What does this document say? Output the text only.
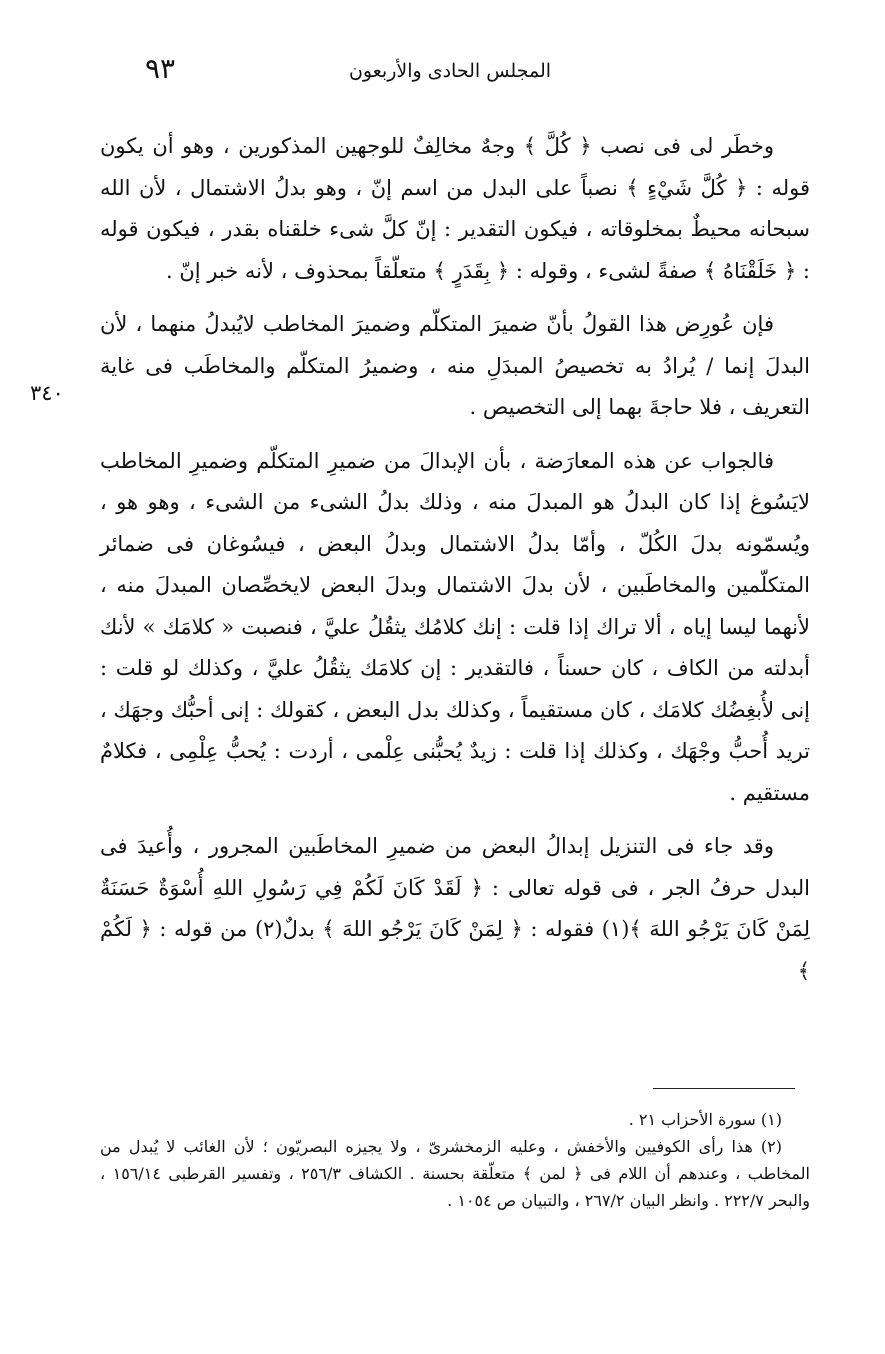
٩٣	المجلس الحادى والأربعون
٣٤٠

وخطَر لى فى نصب ﴿ كُلَّ ﴾ وجهٌ مخالِفٌ للوجهين المذكورين ، وهو أن يكون قوله : ﴿ كُلَّ شَيْءٍ ﴾ نصباً على البدل من اسم إنّ ، وهو بدلُ الاشتمال ، لأن الله سبحانه محيطٌ بمخلوقاته ، فيكون التقدير : إنّ كلَّ شىء خلقناه بقدر ، فيكون قوله : ﴿ خَلَقْنَاهُ ﴾ صفةً لشىء ، وقوله : ﴿ بِقَدَرٍ ﴾ متعلّقاً بمحذوف ، لأنه خبر إنّ .

فإن عُورِض هذا القولُ بأنّ ضميرَ المتكلّم وضميرَ المخاطب لايُبدلُ منهما ، لأن البدلَ إنما / يُرادُ به تخصيصُ المبدَلِ منه ، وضميرُ المتكلّم والمخاطَب فى غاية التعريف ، فلا حاجةَ بهما إلى التخصيص .

فالجواب عن هذه المعارَضة ، بأن الإبدالَ من ضميرِ المتكلّم وضميرِ المخاطب لايَسُوغ إذا كان البدلُ هو المبدلَ منه ، وذلك بدلُ الشىء من الشىء ، وهو هو ، ويُسمّونه بدلَ الكُلّ ، وأمّا بدلُ الاشتمال وبدلُ البعض ، فيسُوغان فى ضمائر المتكلّمين والمخاطَبين ، لأن بدلَ الاشتمال وبدلَ البعض لايخصِّصان المبدلَ منه ، لأنهما ليسا إياه ، ألا تراك إذا قلت : إنك كلامُك يثقُلُ عليَّ ، فنصبت « كلامَك » لأنك أبدلته من الكاف ، كان حسناً ، فالتقدير : إن كلامَك يثقُلُ عليَّ ، وكذلك لو قلت : إنى لأُبغِضُك كلامَك ، كان مستقيماً ، وكذلك بدل البعض ، كقولك : إنى أحبُّك وجهَك ، تريد أُحبُّ وجْهَك ، وكذلك إذا قلت : زيدٌ يُحبُّنى عِلْمى ، أردت : يُحبُّ عِلْمِى ، فكلامٌ مستقيم .

وقد جاء فى التنزيل إبدالُ البعض من ضميرِ المخاطَبين المجرور ، وأُعيدَ فى البدل حرفُ الجر ، فى قوله تعالى : ﴿ لَقَدْ كَانَ لَكُمْ فِي رَسُولِ اللهِ أُسْوَةٌ حَسَنَةٌ لِمَنْ كَانَ يَرْجُو اللهَ ﴾(١) فقوله : ﴿ لِمَنْ كَانَ يَرْجُو اللهَ ﴾ بدلٌ(٢) من قوله : ﴿ لَكُمْ ﴾

(١) سورة الأحزاب ٢١ .

(٢) هذا رأى الكوفيين والأخفش ، وعليه الزمخشرىّ ، ولا يجيزه البصريّون ؛ لأن الغائب لا يُبدل من المخاطب ، وعندهم أن اللام فى ﴿ لمن ﴾ متعلّقة بحسنة . الكشاف ٢٥٦/٣ ، وتفسير القرطبى ١٥٦/١٤ ، والبحر ٢٢٢/٧ . وانظر البيان ٢٦٧/٢ ، والتبيان ص ١٠٥٤ .
